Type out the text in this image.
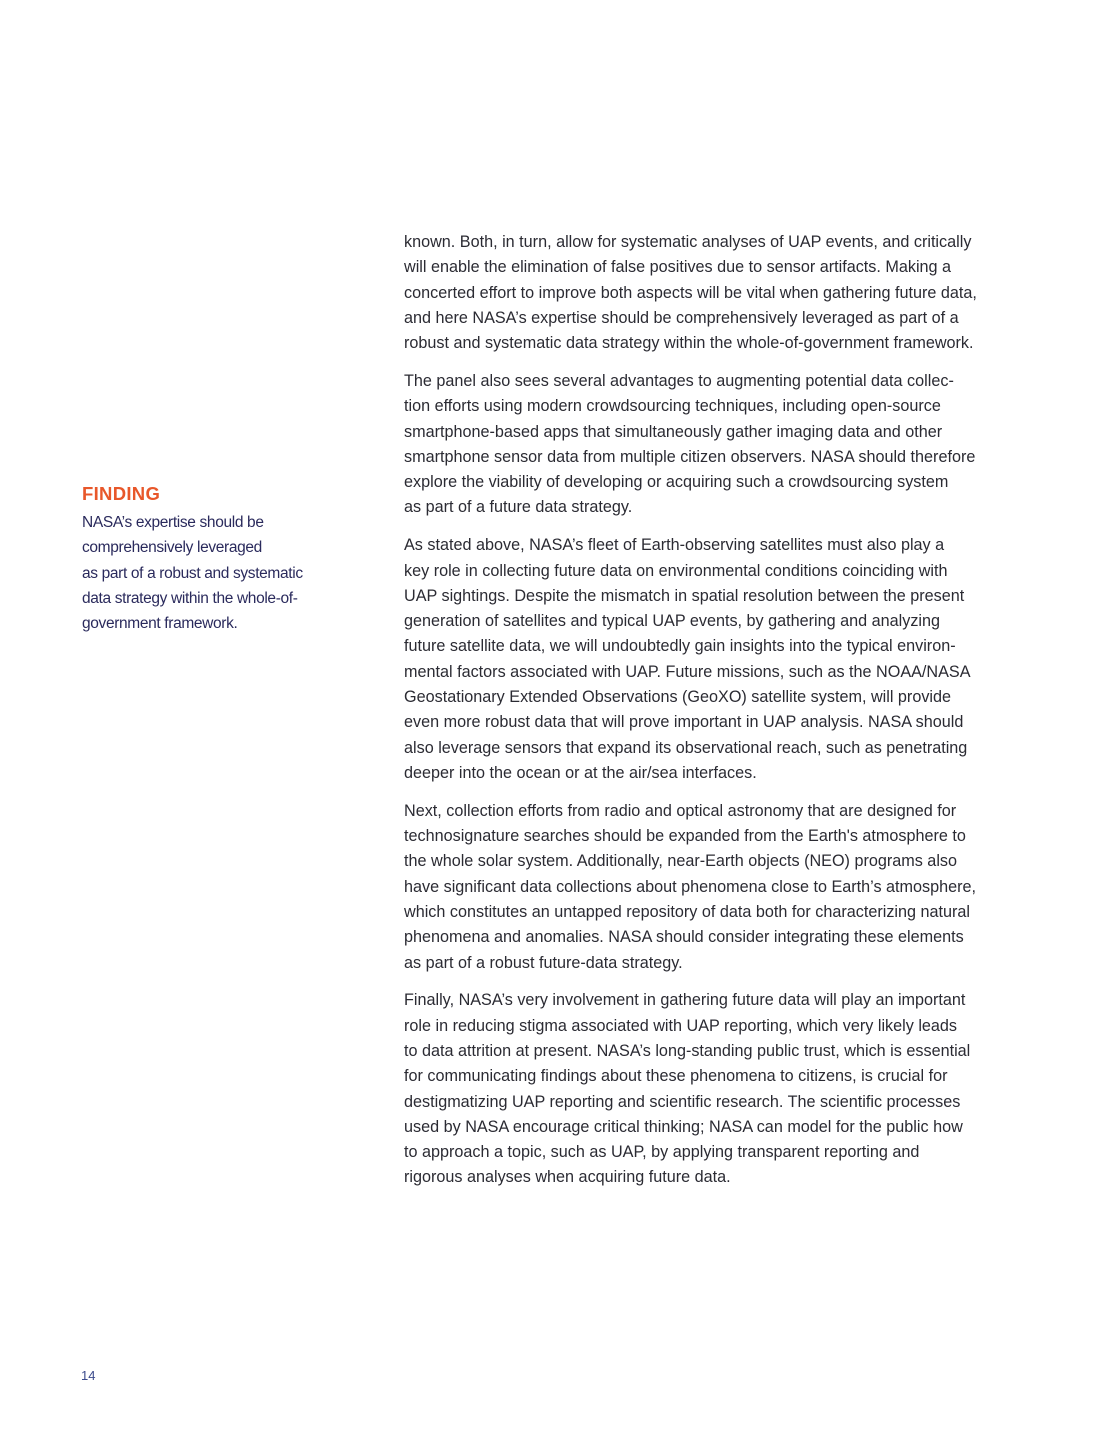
FINDING

NASA’s expertise should be
comprehensively leveraged
as part of a robust and systematic
data strategy within the whole-of-
government framework.

known. Both, in turn, allow for systematic analyses of UAP events, and critically
will enable the elimination of false positives due to sensor artifacts. Making a
concerted effort to improve both aspects will be vital when gathering future data,
and here NASA’s expertise should be comprehensively leveraged as part of a
robust and systematic data strategy within the whole-of-government framework.

The panel also sees several advantages to augmenting potential data collec-
tion efforts using modern crowdsourcing techniques, including open-source
smartphone-based apps that simultaneously gather imaging data and other
smartphone sensor data from multiple citizen observers. NASA should therefore
explore the viability of developing or acquiring such a crowdsourcing system
as part of a future data strategy.

As stated above, NASA’s fleet of Earth-observing satellites must also play a
key role in collecting future data on environmental conditions coinciding with
UAP sightings. Despite the mismatch in spatial resolution between the present
generation of satellites and typical UAP events, by gathering and analyzing
future satellite data, we will undoubtedly gain insights into the typical environ-
mental factors associated with UAP. Future missions, such as the NOAA/NASA
Geostationary Extended Observations (GeoXO) satellite system, will provide
even more robust data that will prove important in UAP analysis. NASA should
also leverage sensors that expand its observational reach, such as penetrating
deeper into the ocean or at the air/sea interfaces.

Next, collection efforts from radio and optical astronomy that are designed for
technosignature searches should be expanded from the Earth's atmosphere to
the whole solar system. Additionally, near-Earth objects (NEO) programs also
have significant data collections about phenomena close to Earth’s atmosphere,
which constitutes an untapped repository of data both for characterizing natural
phenomena and anomalies. NASA should consider integrating these elements
as part of a robust future-data strategy.

Finally, NASA’s very involvement in gathering future data will play an important
role in reducing stigma associated with UAP reporting, which very likely leads
to data attrition at present. NASA’s long-standing public trust, which is essential
for communicating findings about these phenomena to citizens, is crucial for
destigmatizing UAP reporting and scientific research. The scientific processes
used by NASA encourage critical thinking; NASA can model for the public how
to approach a topic, such as UAP, by applying transparent reporting and
rigorous analyses when acquiring future data.

14
